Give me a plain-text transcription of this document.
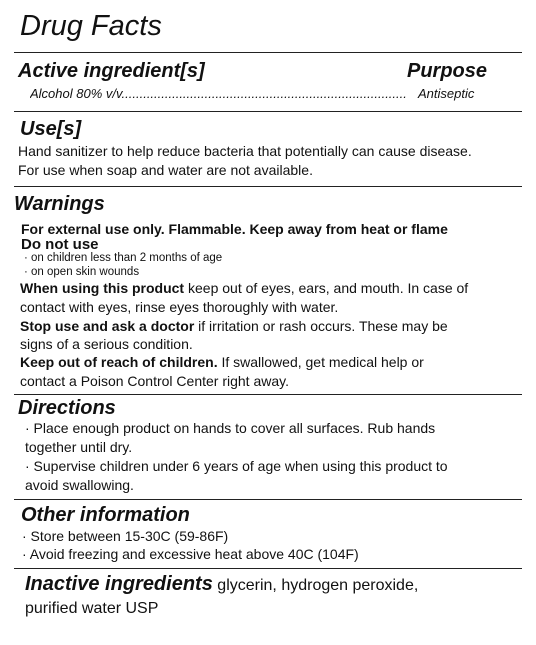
Drug Facts
Active ingredient[s]	Purpose
Alcohol 80% v/v............................................................................... Antiseptic
Use[s]
Hand sanitizer to help reduce bacteria that potentially can cause disease.
For use when soap and water are not available.
Warnings
For external use only. Flammable. Keep away from heat or flame
Do not use
· on children less than 2 months of age
· on open skin wounds
When using this product keep out of eyes, ears, and mouth. In case of
contact with eyes, rinse eyes thoroughly with water.
Stop use and ask a doctor if irritation or rash occurs. These may be
signs of a serious condition.
Keep out of reach of children. If swallowed, get medical help or
contact a Poison Control Center right away.
Directions
· Place enough product on hands to cover all surfaces. Rub hands
together until dry.
· Supervise children under 6 years of age when using this product to
avoid swallowing.
Other information
· Store between 15-30C (59-86F)
· Avoid freezing and excessive heat above 40C (104F)
Inactive ingredients glycerin, hydrogen peroxide,
purified water USP
